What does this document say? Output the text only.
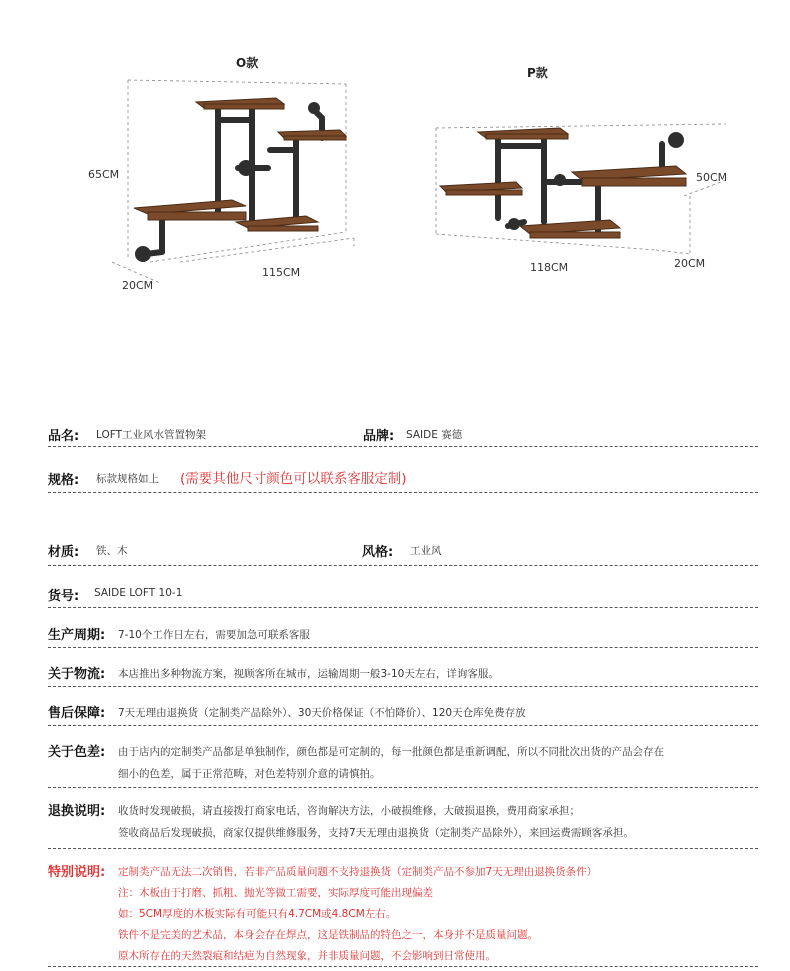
O款
65CM
115CM
20CM
P款
50CM
118CM	20CM
品名: LOFT工业风水管置物架	品牌: SAIDE 赛德
规格: 标款规格如上 (需要其他尺寸颜色可以联系客服定制)
材质: 铁、木	风格: 工业风
货号: SAIDE LOFT 10-1
生产周期: 7-10个工作日左右，需要加急可联系客服
关于物流: 本店推出多种物流方案，视顾客所在城市，运输周期一般3-10天左右，详询客服。
售后保障: 7天无理由退换货（定制类产品除外）、30天价格保证（不怕降价）、120天仓库免费存放
关于色差: 由于店内的定制类产品都是单独制作，颜色都是可定制的，每一批颜色都是重新调配，所以不同批次出货的产品会存在
细小的色差，属于正常范畴，对色差特别介意的请慎拍。
退换说明: 收货时发现破损，请直接拨打商家电话，咨询解决方法，小破损维修，大破损退换，费用商家承担；
签收商品后发现破损，商家仅提供维修服务，支持7天无理由退换货（定制类产品除外），来回运费需顾客承担。
特别说明: 定制类产品无法二次销售，若非产品质量问题不支持退换货（定制类产品不参加7天无理由退换货条件）
注：木板由于打磨、抓粗、抛光等做工需要，实际厚度可能出现偏差
如：5CM厚度的木板实际有可能只有4.7CM或4.8CM左右。
铁件不是完美的艺术品，本身会存在焊点，这是铁制品的特色之一，本身并不是质量问题。
原木所存在的天然裂痕和结疤为自然现象，并非质量问题，不会影响到日常使用。
